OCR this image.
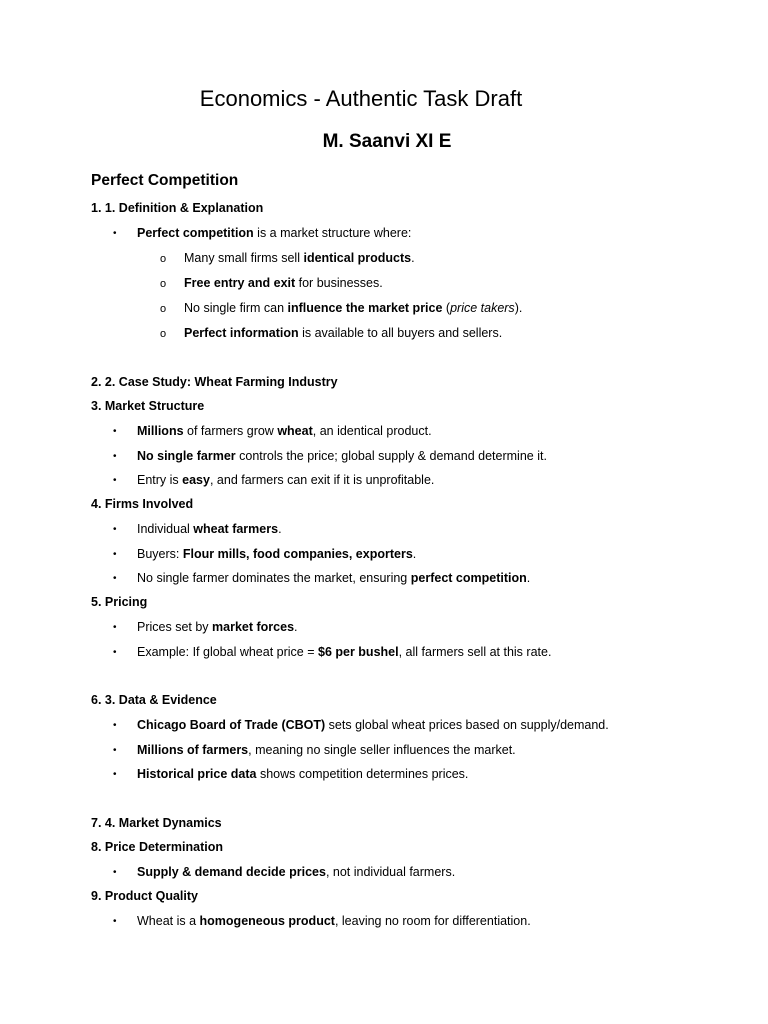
Economics - Authentic Task Draft
M. Saanvi XI E
Perfect Competition
1. 1. Definition & Explanation
• Perfect competition is a market structure where:
o Many small firms sell identical products.
o Free entry and exit for businesses.
o No single firm can influence the market price (price takers).
o Perfect information is available to all buyers and sellers.
2. 2. Case Study: Wheat Farming Industry
3. Market Structure
• Millions of farmers grow wheat, an identical product.
• No single farmer controls the price; global supply & demand determine it.
• Entry is easy, and farmers can exit if it is unprofitable.
4. Firms Involved
• Individual wheat farmers.
• Buyers: Flour mills, food companies, exporters.
• No single farmer dominates the market, ensuring perfect competition.
5. Pricing
• Prices set by market forces.
• Example: If global wheat price = $6 per bushel, all farmers sell at this rate.
6. 3. Data & Evidence
• Chicago Board of Trade (CBOT) sets global wheat prices based on supply/demand.
• Millions of farmers, meaning no single seller influences the market.
• Historical price data shows competition determines prices.
7. 4. Market Dynamics
8. Price Determination
• Supply & demand decide prices, not individual farmers.
9. Product Quality
• Wheat is a homogeneous product, leaving no room for differentiation.
